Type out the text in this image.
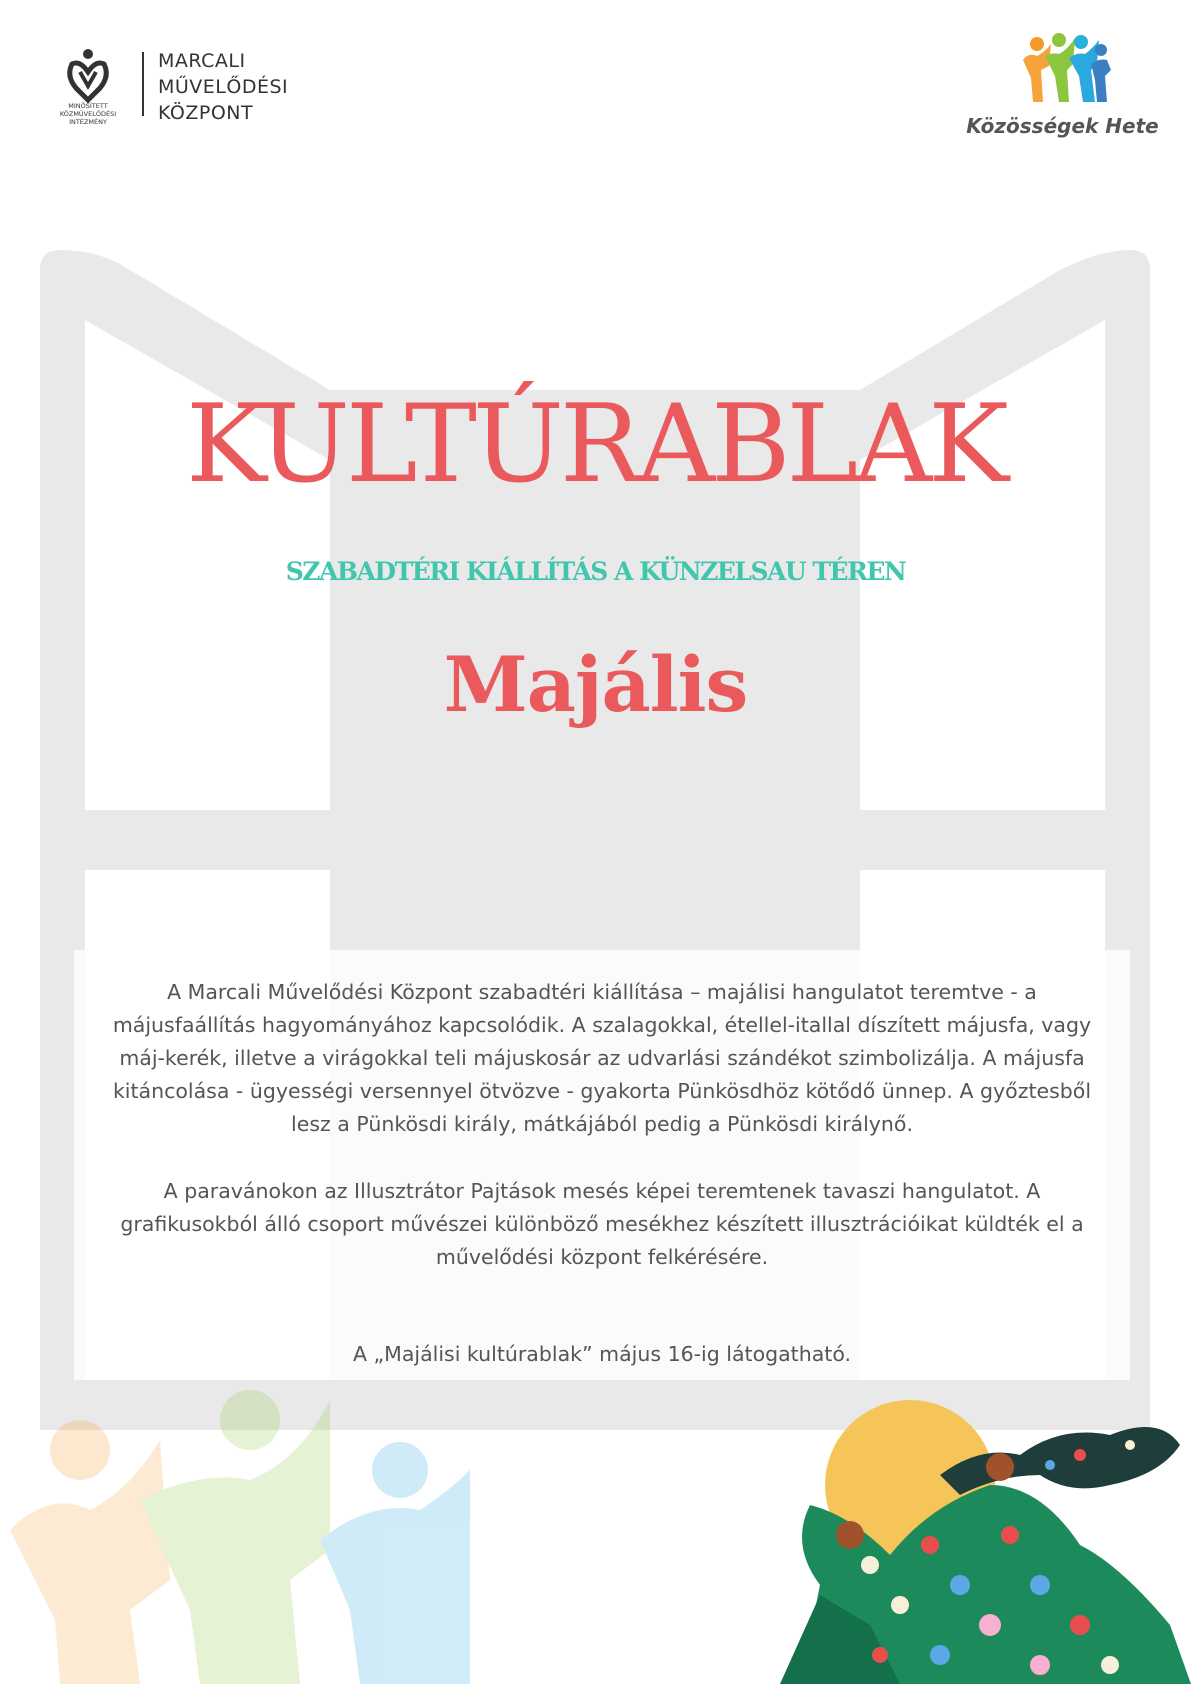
MINŐSÍTETT
KÖZMŰVELŐDÉSI
INTÉZMÉNY
MARCALI
MŰVELŐDÉSI
KÖZPONT
Közösségek Hete
KULTÚRABLAK
SZABADTÉRI KIÁLLÍTÁS A KÜNZELSAU TÉREN
Majális
A Marcali Művelődési Központ szabadtéri kiállítása – majálisi hangulatot teremtve - a májusfaállítás hagyományához kapcsolódik. A szalagokkal, étellel-itallal díszített májusfa, vagy máj-kerék, illetve a virágokkal teli májuskosár az udvarlási szándékot szimbolizálja. A májusfa kitáncolása - ügyességi versennyel ötvözve - gyakorta Pünkösdhöz kötődő ünnep. A győztesből lesz a Pünkösdi király, mátkájából pedig a Pünkösdi királynő.
A paravánokon az Illusztrátor Pajtások mesés képei teremtenek tavaszi hangulatot. A grafikusokból álló csoport művészei különböző mesékhez készített illusztrációikat küldték el a művelődési központ felkérésére.
A „Majálisi kultúrablak” május 16-ig látogatható.
